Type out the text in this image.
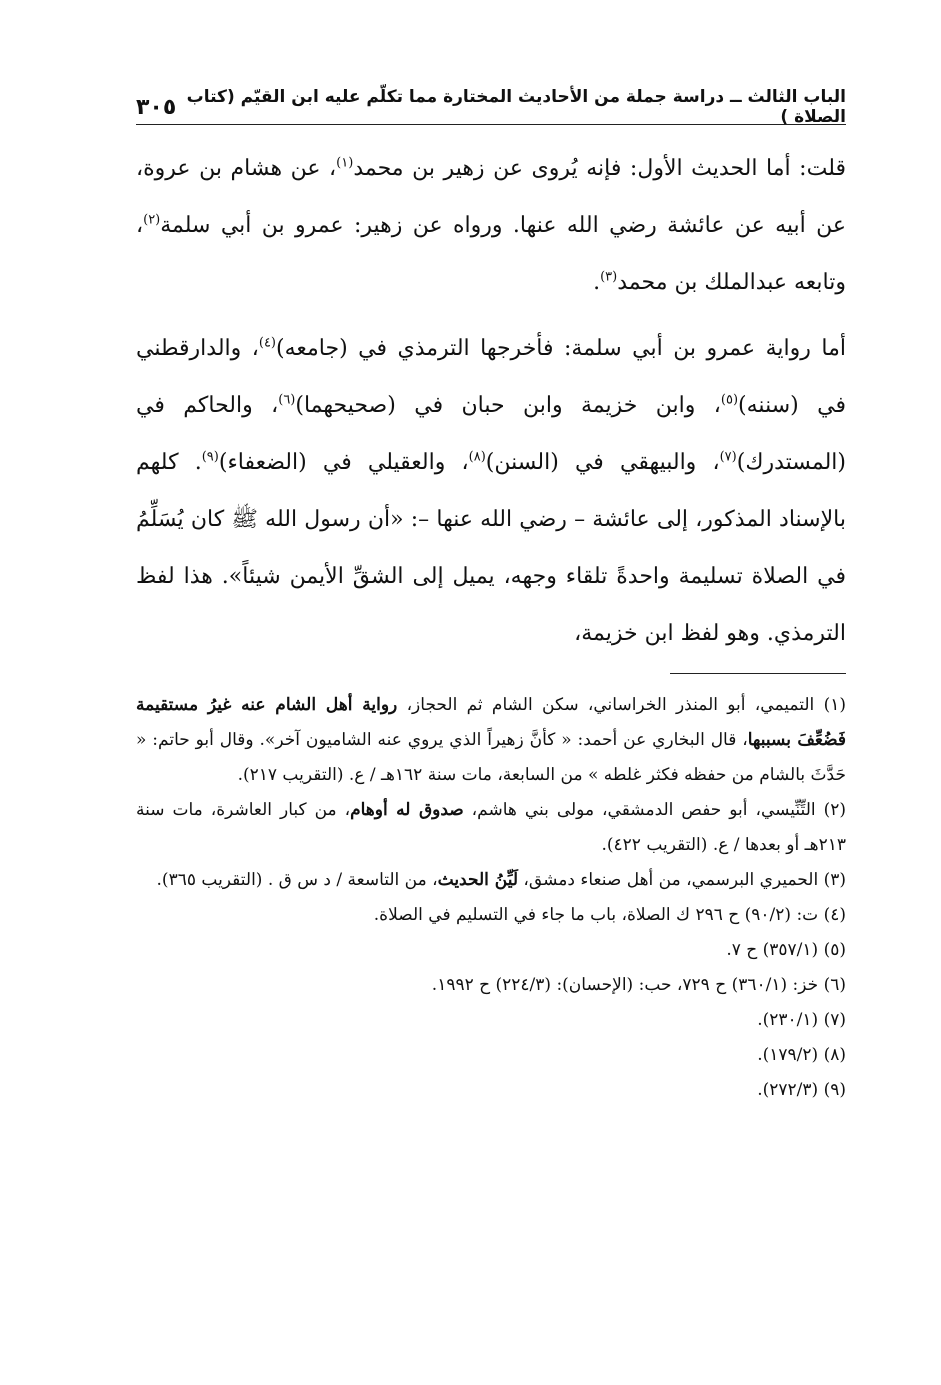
الباب الثالث ــ دراسة جملة من الأحاديث المختارة مما تكلّم عليه ابن القيّم (كتاب الصلاة )
٣٠٥

قلت: أما الحديث الأول: فإنه يُروى عن زهير بن محمد$^{(١)}$، عن هشام بن عروة، عن أبيه عن عائشة رضي الله عنها. ورواه عن زهير: عمرو بن أبي سلمة$^{(٢)}$، وتابعه عبدالملك بن محمد$^{(٣)}$.

أما رواية عمرو بن أبي سلمة: فأخرجها الترمذي في (جامعه)$^{(٤)}$، والدارقطني في (سننه)$^{(٥)}$، وابن خزيمة وابن حبان في (صحيحهما)$^{(٦)}$، والحاكم في (المستدرك)$^{(٧)}$، والبيهقي في (السنن)$^{(٨)}$، والعقيلي في (الضعفاء)$^{(٩)}$. كلهم بالإسناد المذكور، إلى عائشة – رضي الله عنها –: «أن رسول الله ﷺ كان يُسَلِّمُ في الصلاة تسليمة واحدةً تلقاء وجهه، يميل إلى الشقِّ الأيمن شيئاً». هذا لفظ الترمذي. وهو لفظ ابن خزيمة،

(١) التميمي، أبو المنذر الخراساني، سكن الشام ثم الحجاز، رواية أهل الشام عنه غيرُ مستقيمة فَضُعِّفَ بسببها، قال البخاري عن أحمد: « كأنَّ زهيراً الذي يروي عنه الشاميون آخر». وقال أبو حاتم: « حَدَّثَ بالشام من حفظه فكثر غلطه » من السابعة، مات سنة ١٦٢هـ / ع. (التقريب ٢١٧).
(٢) التِّنِّيسي، أبو حفص الدمشقي، مولى بني هاشم، صدوق له أوهام، من كبار العاشرة، مات سنة ٢١٣هـ أو بعدها / ع. (التقريب ٤٢٢).
(٣) الحميري البرسمي، من أهل صنعاء دمشق، لَيِّنُ الحديث، من التاسعة / د س ق . (التقريب ٣٦٥).
(٤) ت: (٩٠/٢) ح ٢٩٦ ك الصلاة، باب ما جاء في التسليم في الصلاة.
(٥) (٣٥٧/١) ح ٧.
(٦) خز: (٣٦٠/١) ح ٧٢٩، حب: (الإحسان): (٢٢٤/٣) ح ١٩٩٢.
(٧) (٢٣٠/١).
(٨) (١٧٩/٢).
(٩) (٢٧٢/٣).
